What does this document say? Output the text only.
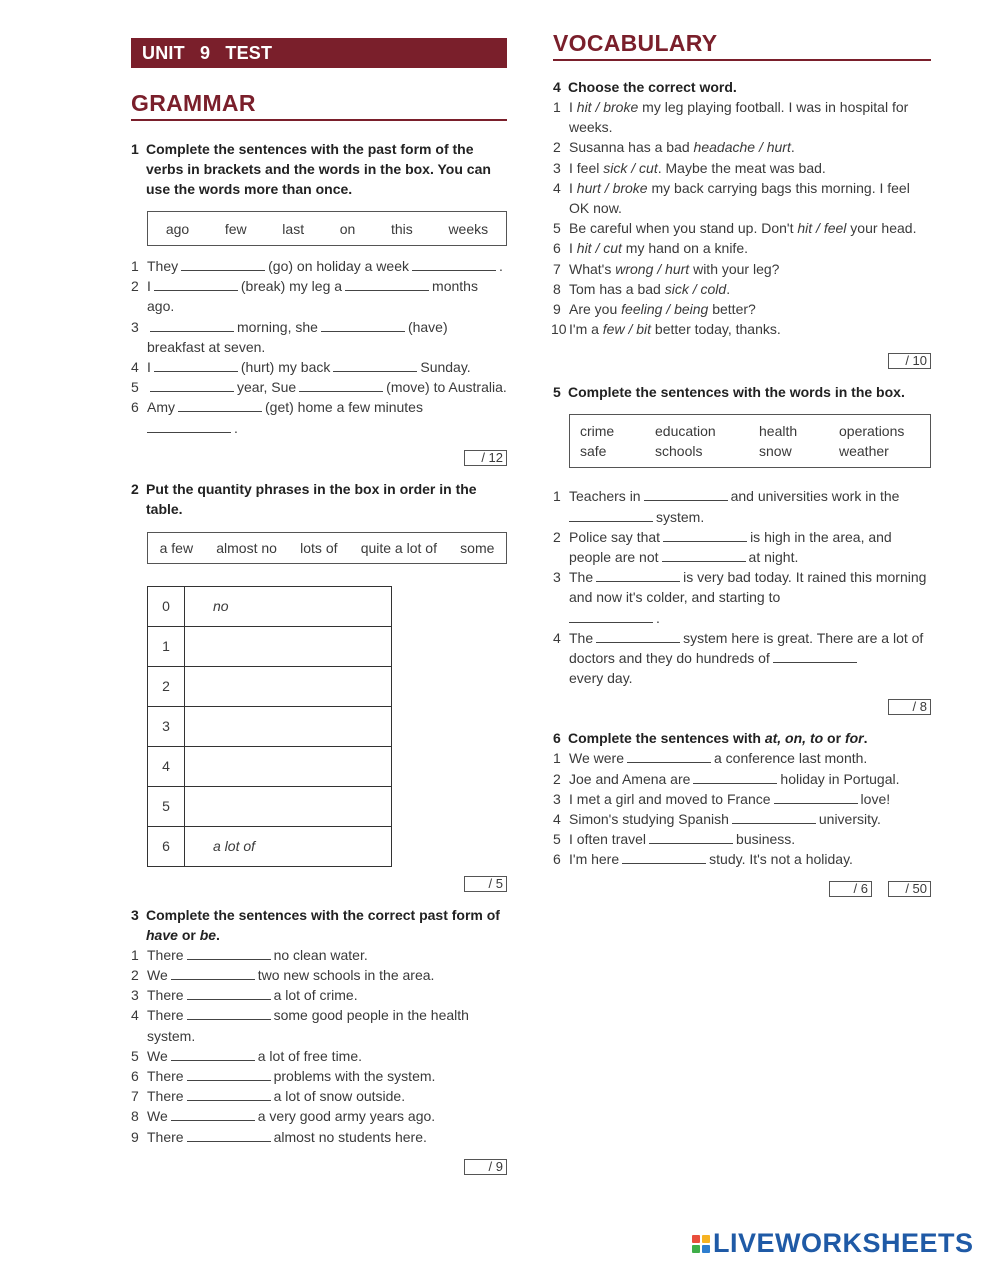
UNIT 9 TEST
GRAMMAR
1 Complete the sentences with the past form of the verbs in brackets and the words in the box. You can use the words more than once.
ago	few	last	on	this	weeks
1 They	(go) on holiday a week	.
2 I	(break) my leg a	months ago.
3	morning, she	(have) breakfast at seven.
4 I	(hurt) my back	Sunday.
5	year, Sue	(move) to Australia.
6 Amy	(get) home a few minutes
.
/ 12
2 Put the quantity phrases in the box in order in the table.
a few almost no lots of quite a lot of some
0	no
1	
2	
3	
4	
5	
6	a lot of
/ 5
3 Complete the sentences with the correct past form of have or be.
1 There	no clean water.
2 We	two new schools in the area.
3 There	a lot of crime.
4 There	some good people in the health system.
5 We	a lot of free time.
6 There	problems with the system.
7 There	a lot of snow outside.
8 We	a very good army years ago.
9 There	almost no students here.
/ 9
VOCABULARY
4 Choose the correct word.
1 I hit / broke my leg playing football. I was in hospital for weeks.
2 Susanna has a bad headache / hurt.
3 I feel sick / cut. Maybe the meat was bad.
4 I hurt / broke my back carrying bags this morning. I feel OK now.
5 Be careful when you stand up. Don't hit / feel your head.
6 I hit / cut my hand on a knife.
7 What's wrong / hurt with your leg?
8 Tom has a bad sick / cold.
9 Are you feeling / being better?
10 I'm a few / bit better today, thanks.
/ 10
5 Complete the sentences with the words in the box.
crime	education	health	operations
safe	schools	snow	weather
1 Teachers in	and universities work in the
system.
2 Police say that	is high in the area, and people are not	at night.
3 The	is very bad today. It rained this morning and now it's colder, and starting to
.
4 The	system here is great. There are a lot of doctors and they do hundreds of
every day.
/ 8
6 Complete the sentences with at, on, to or for.
1 We were	a conference last month.
2 Joe and Amena are	holiday in Portugal.
3 I met a girl and moved to France	love!
4 Simon's studying Spanish	university.
5 I often travel	business.
6 I'm here	study. It's not a holiday.
/ 6	/ 50
LIVEWORKSHEETS
